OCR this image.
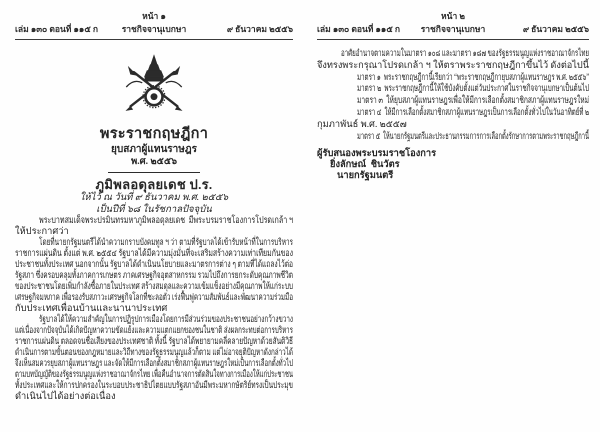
หน้า ๑
เล่ม ๑๓๐ ตอนที่ ๑๑๕ ก	ราชกิจจานุเบกษา	๙ ธันวาคม ๒๕๕๖
พระราชกฤษฎีกา
ยุบสภาผู้แทนราษฎร
พ.ศ. ๒๕๕๖
ภูมิพลอดุลยเดช ป.ร.
ให้ไว้ ณ วันที่ ๙ ธันวาคม พ.ศ. ๒๕๕๖
เป็นปีที่ ๖๘ ในรัชกาลปัจจุบัน
พระบาทสมเด็จพระปรมินทรมหาภูมิพลอดุลยเดช  มีพระบรมราชโองการโปรดเกล้า ฯ
ให้ประกาศว่า
โดยที่นายกรัฐมนตรีได้นำความกราบบังคมทูล ฯ ว่า ตามที่รัฐบาลได้เข้ารับหน้าที่ในการบริหาร
ราชการแผ่นดิน ตั้งแต่ พ.ศ. ๒๕๕๔ รัฐบาลได้มีความมุ่งมั่นที่จะเสริมสร้างความเท่าเทียมกันของ
ประชาชนทั้งประเทศ นอกจากนั้น รัฐบาลได้ดำเนินนโยบายและมาตรการต่าง ๆ ตามที่ได้แถลงไว้ต่อ
รัฐสภา ซึ่งครอบคลุมทั้งภาคการเกษตร ภาคเศรษฐกิจอุตสาหกรรม รวมไปถึงการยกระดับคุณภาพชีวิต
ของประชาชนโดยเพิ่มกำลังซื้อภายในประเทศ สร้างสมดุลและความเข้มแข็งอย่างมีคุณภาพให้แก่ระบบ
เศรษฐกิจมหภาค เพื่อรองรับสภาวะเศรษฐกิจโลกที่ชะลอตัว เร่งฟื้นฟูความสัมพันธ์และพัฒนาความร่วมมือ
กับประเทศเพื่อนบ้านและนานาประเทศ
รัฐบาลได้ให้ความสำคัญในการปฏิรูปการเมืองโดยการมีส่วนร่วมของประชาชนอย่างกว้างขวาง
แต่เนื่องจากปัจจุบันได้เกิดปัญหาความขัดแย้งและความแตกแยกของชนในชาติ ส่งผลกระทบต่อการบริหาร
ราชการแผ่นดิน ตลอดจนชื่อเสียงของประเทศชาติ ทั้งนี้ รัฐบาลได้พยายามคลี่คลายปัญหาด้วยสันติวิธี
ดำเนินการตามขั้นตอนของกฎหมายและวิถีทางของรัฐธรรมนูญแล้วก็ตาม แต่ไม่อาจยุติปัญหาดังกล่าวได้
จึงเห็นสมควรยุบสภาผู้แทนราษฎร และจัดให้มีการเลือกตั้งสมาชิกสภาผู้แทนราษฎรใหม่เป็นการเลือกตั้งทั่วไป
ตามบทบัญญัติของรัฐธรรมนูญแห่งราชอาณาจักรไทย เพื่อคืนอำนาจการตัดสินใจทางการเมืองให้แก่ประชาชน
ทั้งประเทศและให้การปกครองในระบอบประชาธิปไตยแบบรัฐสภาอันมีพระมหากษัตริย์ทรงเป็นประมุข
ดำเนินไปได้อย่างต่อเนื่อง
หน้า ๒
เล่ม ๑๓๐ ตอนที่ ๑๑๕ ก	ราชกิจจานุเบกษา	๙ ธันวาคม ๒๕๕๖
อาศัยอำนาจตามความในมาตรา ๑๐๘ และมาตรา ๑๘๗ ของรัฐธรรมนูญแห่งราชอาณาจักรไทย
จึงทรงพระกรุณาโปรดเกล้า ฯ ให้ตราพระราชกฤษฎีกาขึ้นไว้ ดังต่อไปนี้
มาตรา ๑  พระราชกฤษฎีกานี้เรียกว่า “พระราชกฤษฎีกายุบสภาผู้แทนราษฎร พ.ศ. ๒๕๕๖”
มาตรา ๒  พระราชกฤษฎีกานี้ให้ใช้บังคับตั้งแต่วันประกาศในราชกิจจานุเบกษาเป็นต้นไป
มาตรา ๓  ให้ยุบสภาผู้แทนราษฎรเพื่อให้มีการเลือกตั้งสมาชิกสภาผู้แทนราษฎรใหม่
มาตรา ๔  ให้มีการเลือกตั้งสมาชิกสภาผู้แทนราษฎรเป็นการเลือกตั้งทั่วไปในวันอาทิตย์ที่ ๒
กุมภาพันธ์ พ.ศ. ๒๕๕๗
มาตรา ๕  ให้นายกรัฐมนตรีและประธานกรรมการการเลือกตั้งรักษาการตามพระราชกฤษฎีกานี้
ผู้รับสนองพระบรมราชโองการ
ยิ่งลักษณ์  ชินวัตร
นายกรัฐมนตรี
